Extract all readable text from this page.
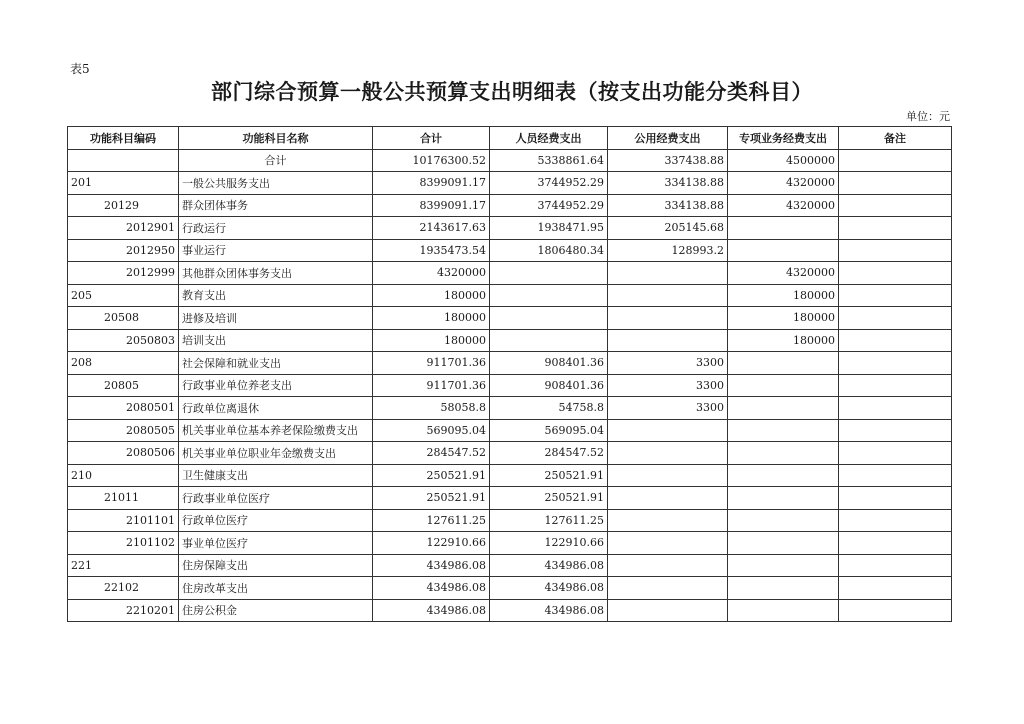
表5
部门综合预算一般公共预算支出明细表（按支出功能分类科目）
单位：元
功能科目编码	功能科目名称	合计	人员经费支出	公用经费支出	专项业务经费支出	备注
	合计	10176300.52	5338861.64	337438.88	4500000	
201	一般公共服务支出	8399091.17	3744952.29	334138.88	4320000	
20129	群众团体事务	8399091.17	3744952.29	334138.88	4320000	
2012901	行政运行	2143617.63	1938471.95	205145.68		
2012950	事业运行	1935473.54	1806480.34	128993.2		
2012999	其他群众团体事务支出	4320000			4320000	
205	教育支出	180000			180000	
20508	进修及培训	180000			180000	
2050803	培训支出	180000			180000	
208	社会保障和就业支出	911701.36	908401.36	3300		
20805	行政事业单位养老支出	911701.36	908401.36	3300		
2080501	行政单位离退休	58058.8	54758.8	3300		
2080505	机关事业单位基本养老保险缴费支出	569095.04	569095.04			
2080506	机关事业单位职业年金缴费支出	284547.52	284547.52			
210	卫生健康支出	250521.91	250521.91			
21011	行政事业单位医疗	250521.91	250521.91			
2101101	行政单位医疗	127611.25	127611.25			
2101102	事业单位医疗	122910.66	122910.66			
221	住房保障支出	434986.08	434986.08			
22102	住房改革支出	434986.08	434986.08			
2210201	住房公积金	434986.08	434986.08			
